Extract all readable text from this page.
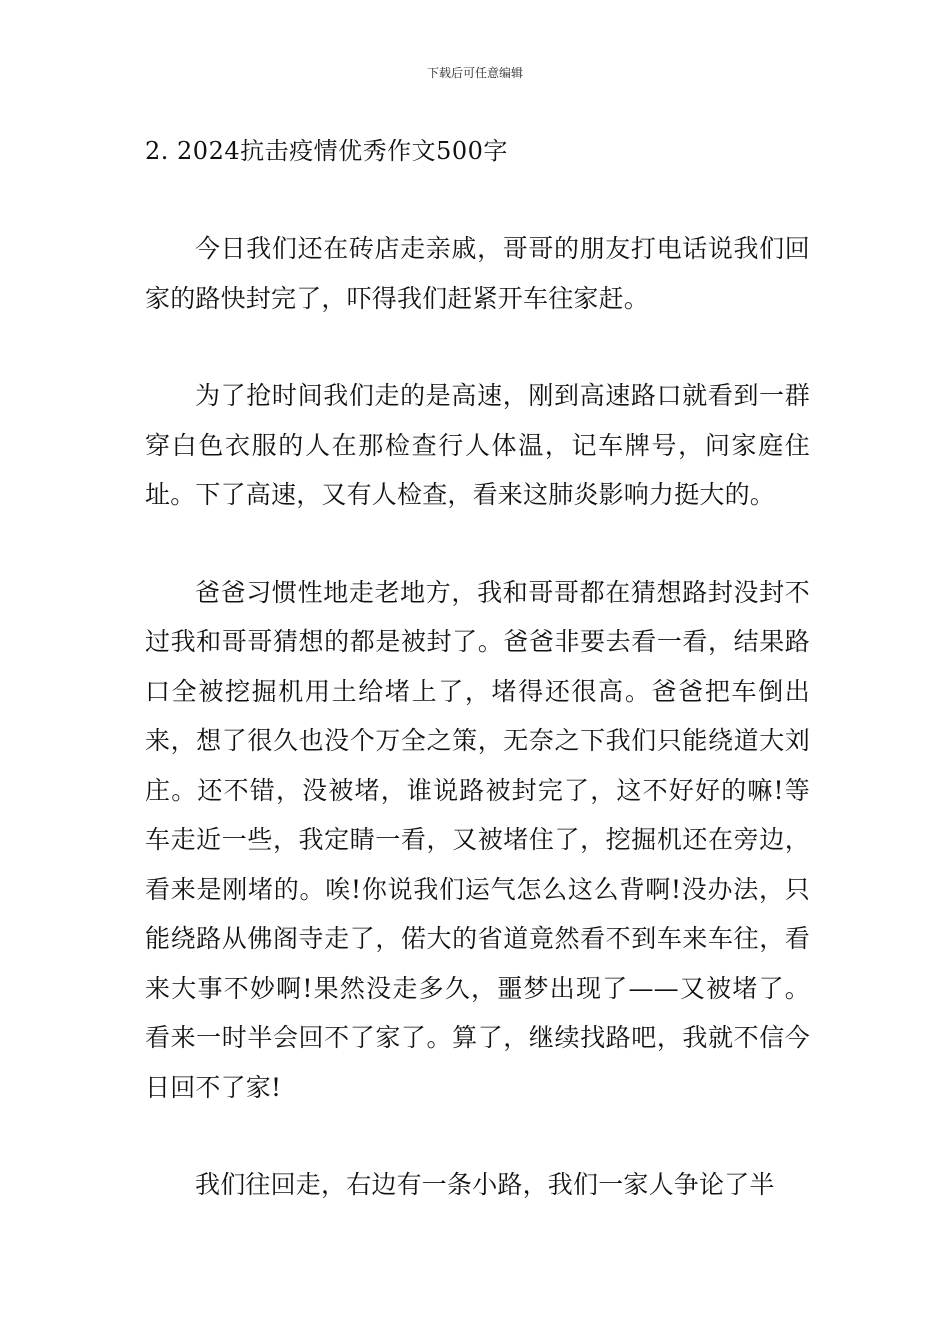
下载后可任意编辑
2. 2024抗击疫情优秀作文500字

今日我们还在砖店走亲戚，哥哥的朋友打电话说我们回家的路快封完了，吓得我们赶紧开车往家赶。

为了抢时间我们走的是高速，刚到高速路口就看到一群穿白色衣服的人在那检查行人体温，记车牌号，问家庭住址。下了高速，又有人检查，看来这肺炎影响力挺大的。

爸爸习惯性地走老地方，我和哥哥都在猜想路封没封不过我和哥哥猜想的都是被封了。爸爸非要去看一看，结果路口全被挖掘机用土给堵上了，堵得还很高。爸爸把车倒出来，想了很久也没个万全之策，无奈之下我们只能绕道大刘庄。还不错，没被堵，谁说路被封完了，这不好好的嘛!等车走近一些，我定睛一看，又被堵住了，挖掘机还在旁边，看来是刚堵的。唉!你说我们运气怎么这么背啊!没办法，只能绕路从佛阁寺走了，偌大的省道竟然看不到车来车往，看来大事不妙啊!果然没走多久，噩梦出现了——又被堵了。看来一时半会回不了家了。算了，继续找路吧，我就不信今日回不了家!

我们往回走，右边有一条小路，我们一家人争论了半
